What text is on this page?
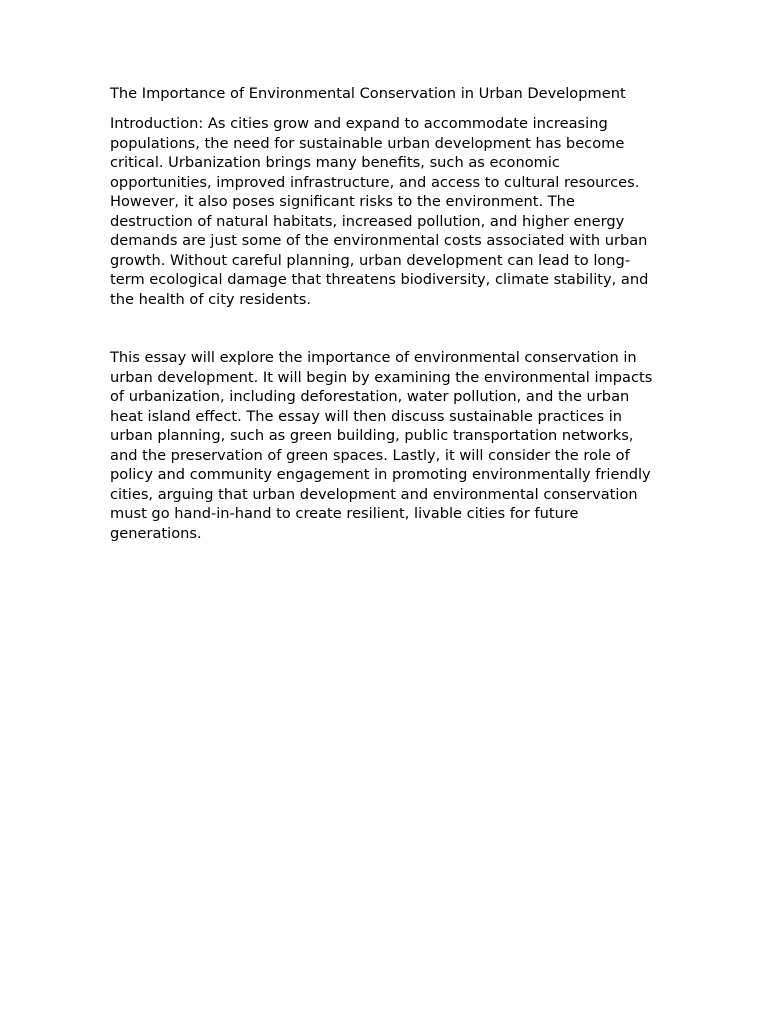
The Importance of Environmental Conservation in Urban Development

Introduction: As cities grow and expand to accommodate increasing populations, the need for sustainable urban development has become critical. Urbanization brings many benefits, such as economic opportunities, improved infrastructure, and access to cultural resources. However, it also poses significant risks to the environment. The destruction of natural habitats, increased pollution, and higher energy demands are just some of the environmental costs associated with urban growth. Without careful planning, urban development can lead to long-term ecological damage that threatens biodiversity, climate stability, and the health of city residents.

This essay will explore the importance of environmental conservation in urban development. It will begin by examining the environmental impacts of urbanization, including deforestation, water pollution, and the urban heat island effect. The essay will then discuss sustainable practices in urban planning, such as green building, public transportation networks, and the preservation of green spaces. Lastly, it will consider the role of policy and community engagement in promoting environmentally friendly cities, arguing that urban development and environmental conservation must go hand-in-hand to create resilient, livable cities for future generations.
